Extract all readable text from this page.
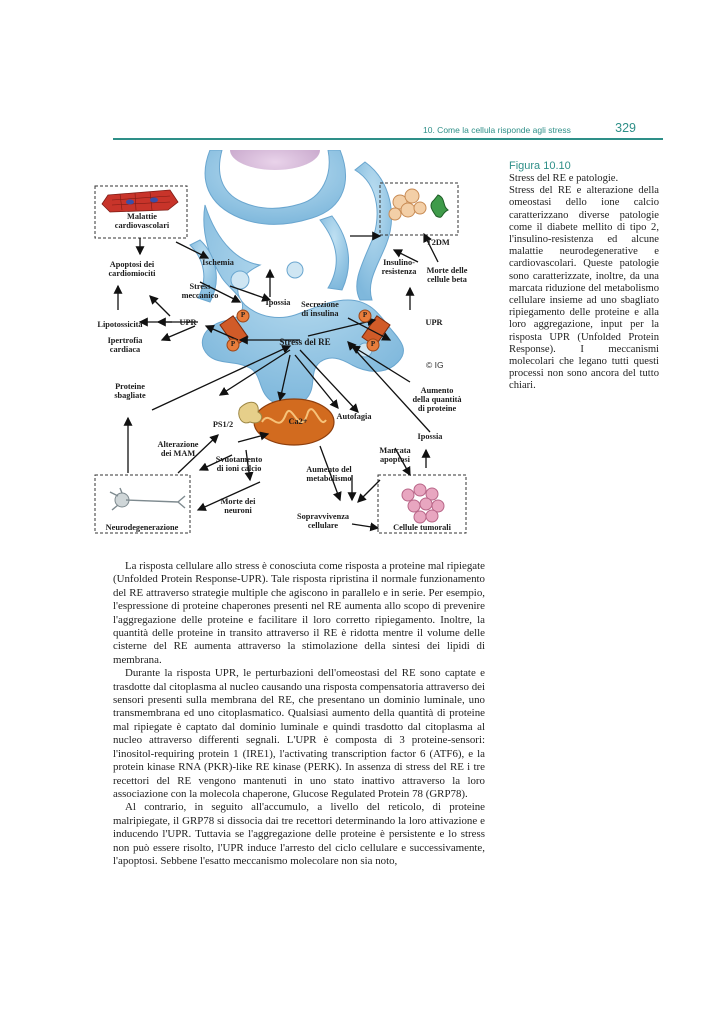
10. Come la cellula risponde agli stress	329
Malattie
cardiovascolari
Apoptosi dei
cardiomiociti
Ischemia
Stress
meccanico
Ipossia	Secrezione
di insulina
Lipotossicità	UPR
Ipertrofia
cardiaca
Stress del RE
T2DM
Insulino-
resistenza	Morte delle
cellule beta
UPR
Proteine
sbagliate
PS1/2	Ca2+
Alterazione
dei MAM
Svuotamento
di ioni calcio	Aumento del
metabolismo
Autofagia
Aumento
della quantità
di proteine
Ipossia
Mancata
apoptosi
Morte dei
neuroni
Sopravvivenza
cellulare
Neurodegenerazione	Cellule tumorali
P
P
P
P
© IG
Figura 10.10
Stress del RE e patologie.
Stress del RE e alterazione della omeostasi dello ione calcio caratterizzano diverse patologie come il diabete mellito di tipo 2, l'insulino-resistenza ed alcune malattie neurodegenerative e cardiovascolari. Queste patologie sono caratterizzate, inoltre, da una marcata riduzione del metabolismo cellulare insieme ad uno sbagliato ripiegamento delle proteine e alla loro aggregazione, input per la risposta UPR (Unfolded Protein Response). I meccanismi molecolari che legano tutti questi processi non sono ancora del tutto chiari.

La risposta cellulare allo stress è conosciuta come risposta a proteine mal ripiegate (Unfolded Protein Response-UPR). Tale risposta ripristina il normale funzionamento del RE attraverso strategie multiple che agiscono in parallelo e in serie. Per esempio, l'espressione di proteine chaperones presenti nel RE aumenta allo scopo di prevenire l'aggregazione delle proteine e facilitare il loro corretto ripiegamento. Inoltre, la quantità delle proteine in transito attraverso il RE è ridotta mentre il volume delle cisterne del RE aumenta attraverso la stimolazione della sintesi dei lipidi di membrana.

Durante la risposta UPR, le perturbazioni dell'omeostasi del RE sono captate e trasdotte dal citoplasma al nucleo causando una risposta compensatoria attraverso dei sensori presenti sulla membrana del RE, che presentano un dominio luminale, uno transmembrana ed uno citoplasmatico. Qualsiasi aumento della quantità di proteine mal ripiegate è captato dal dominio luminale e quindi trasdotto dal citoplasma al nucleo attraverso differenti segnali. L'UPR è composta di 3 proteine-sensori: l'inositol-requiring protein 1 (IRE1), l'activating transcription factor 6 (ATF6), e la protein kinase RNA (PKR)-like RE kinase (PERK). In assenza di stress del RE i tre recettori del RE vengono mantenuti in uno stato inattivo attraverso la loro associazione con la molecola chaperone, Glucose Regulated Protein 78 (GRP78).

Al contrario, in seguito all'accumulo, a livello del reticolo, di proteine malripiegate, il GRP78 si dissocia dai tre recettori determinando la loro attivazione e inducendo l'UPR. Tuttavia se l'aggregazione delle proteine è persistente e lo stress non può essere risolto, l'UPR induce l'arresto del ciclo cellulare e successivamente, l'apoptosi. Sebbene l'esatto meccanismo molecolare non sia noto,
